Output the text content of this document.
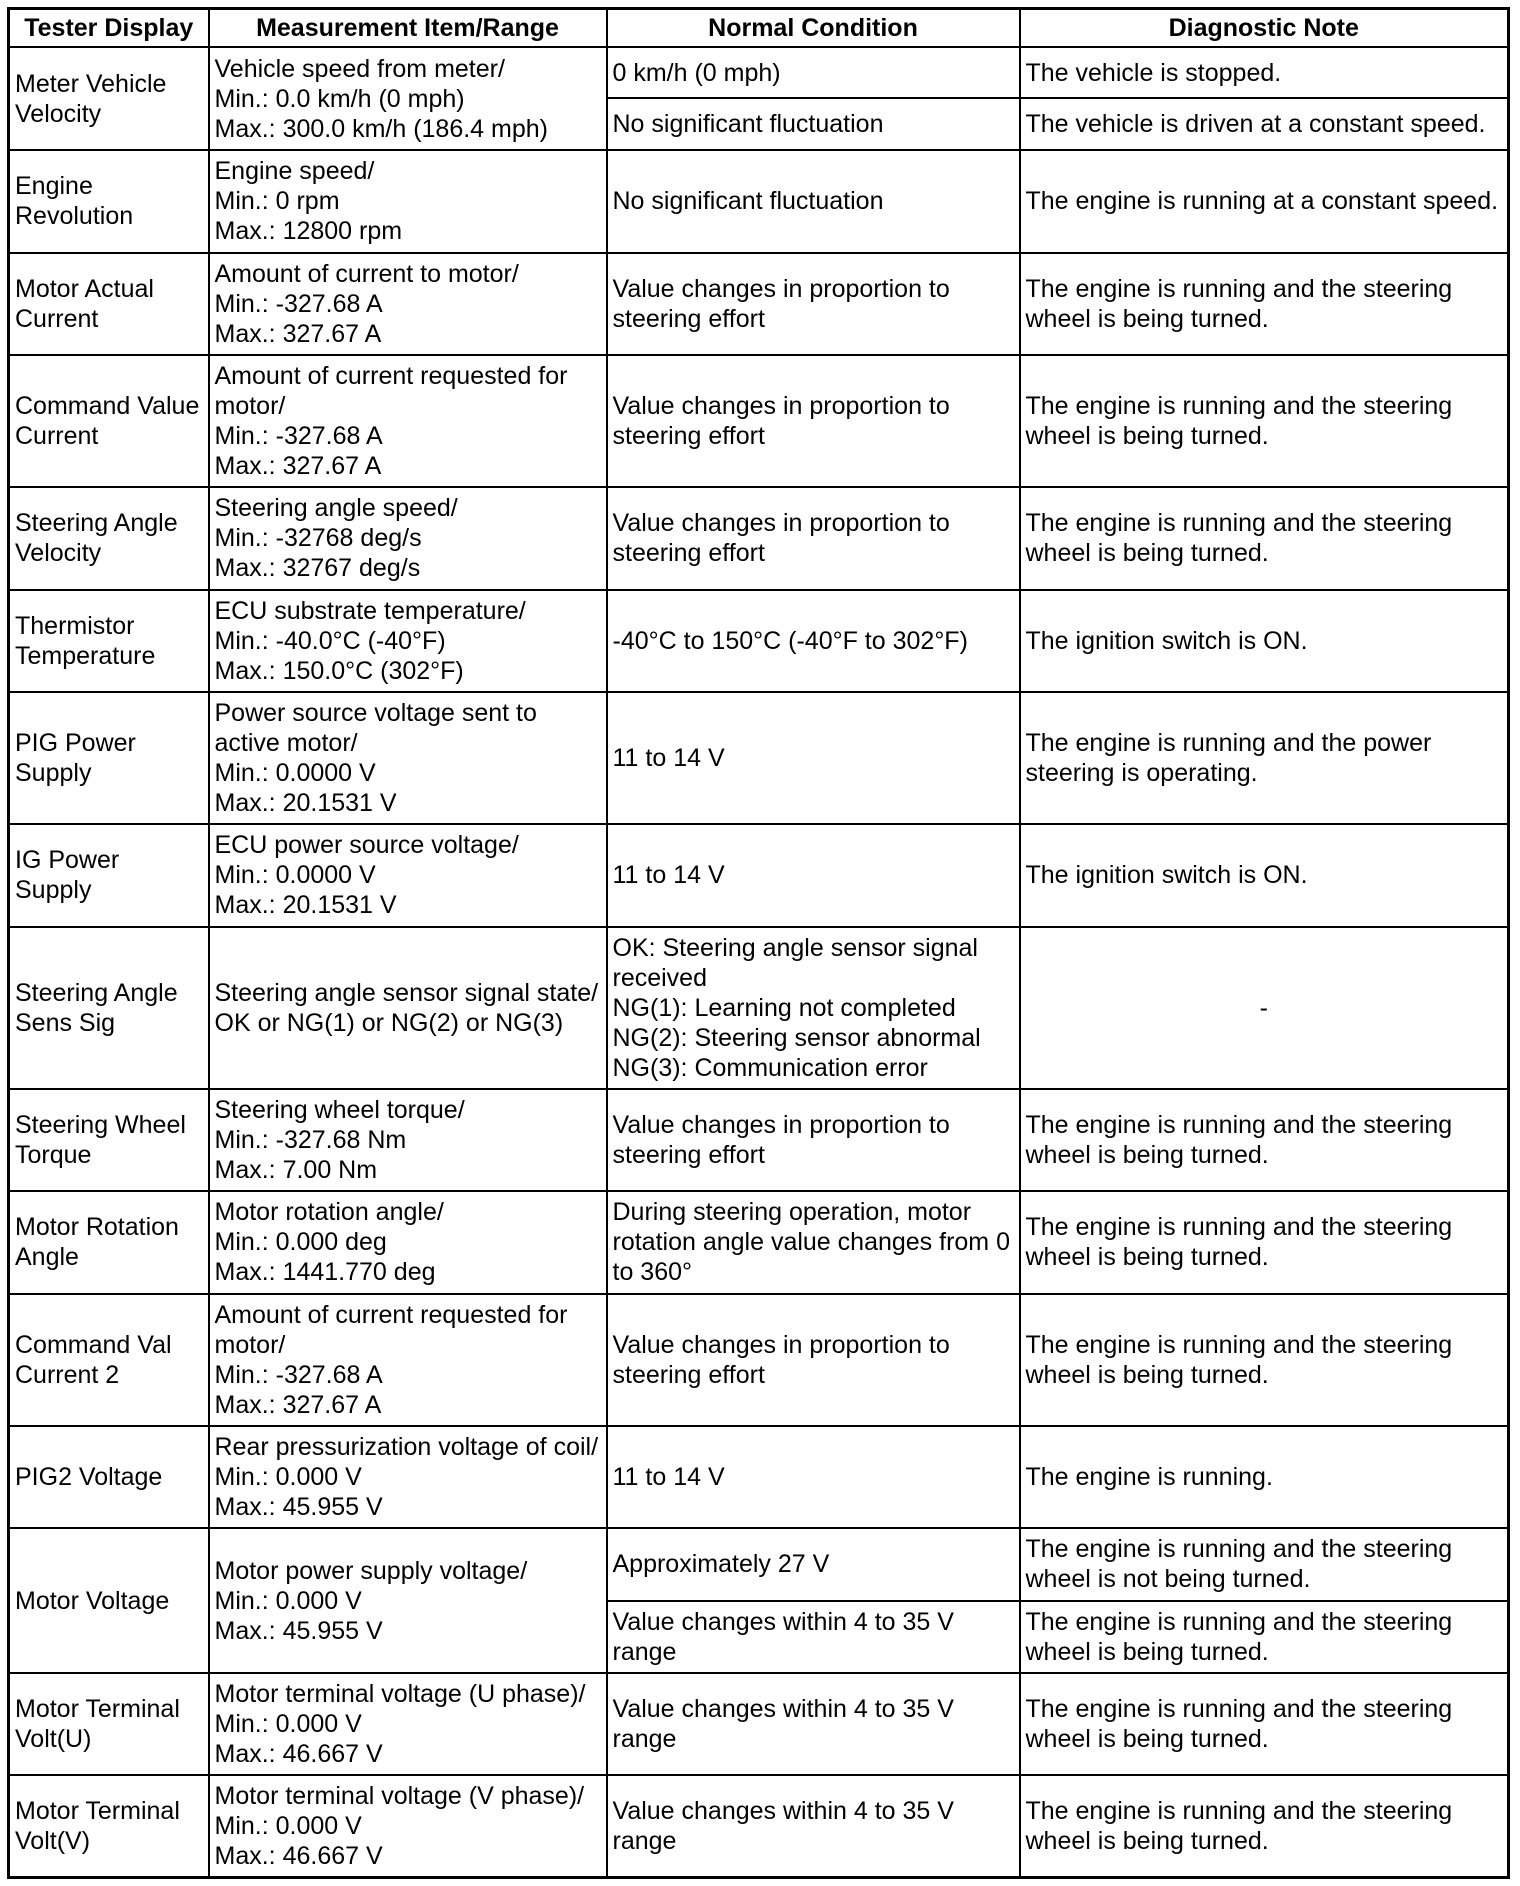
Tester Display	Measurement Item/Range	Normal Condition	Diagnostic Note
Meter Vehicle
Velocity	Vehicle speed from meter/
Min.: 0.0 km/h (0 mph)
Max.: 300.0 km/h (186.4 mph)	0 km/h (0 mph)	The vehicle is stopped.
		No significant fluctuation	The vehicle is driven at a constant speed.
Engine
Revolution	Engine speed/
Min.: 0 rpm
Max.: 12800 rpm	No significant fluctuation	The engine is running at a constant speed.
Motor Actual
Current	Amount of current to motor/
Min.: -327.68 A
Max.: 327.67 A	Value changes in proportion to
steering effort	The engine is running and the steering
wheel is being turned.
Command Value
Current	Amount of current requested for
motor/
Min.: -327.68 A
Max.: 327.67 A	Value changes in proportion to
steering effort	The engine is running and the steering
wheel is being turned.
Steering Angle
Velocity	Steering angle speed/
Min.: -32768 deg/s
Max.: 32767 deg/s	Value changes in proportion to
steering effort	The engine is running and the steering
wheel is being turned.
Thermistor
Temperature	ECU substrate temperature/
Min.: -40.0°C (-40°F)
Max.: 150.0°C (302°F)	-40°C to 150°C (-40°F to 302°F)	The ignition switch is ON.
PIG Power
Supply	Power source voltage sent to
active motor/
Min.: 0.0000 V
Max.: 20.1531 V	11 to 14 V	The engine is running and the power
steering is operating.
IG Power Supply	ECU power source voltage/
Min.: 0.0000 V
Max.: 20.1531 V	11 to 14 V	The ignition switch is ON.
Steering Angle
Sens Sig	Steering angle sensor signal state/
OK or NG(1) or NG(2) or NG(3)	OK: Steering angle sensor signal
received
NG(1): Learning not completed
NG(2): Steering sensor abnormal
NG(3): Communication error	-
Steering Wheel
Torque	Steering wheel torque/
Min.: -327.68 Nm
Max.: 7.00 Nm	Value changes in proportion to
steering effort	The engine is running and the steering
wheel is being turned.
Motor Rotation
Angle	Motor rotation angle/
Min.: 0.000 deg
Max.: 1441.770 deg	During steering operation, motor
rotation angle value changes from 0
to 360°	The engine is running and the steering
wheel is being turned.
Command Val
Current 2	Amount of current requested for
motor/
Min.: -327.68 A
Max.: 327.67 A	Value changes in proportion to
steering effort	The engine is running and the steering
wheel is being turned.
PIG2 Voltage	Rear pressurization voltage of coil/
Min.: 0.000 V
Max.: 45.955 V	11 to 14 V	The engine is running.
Motor Voltage	Motor power supply voltage/
Min.: 0.000 V
Max.: 45.955 V	Approximately 27 V	The engine is running and the steering
wheel is not being turned.
		Value changes within 4 to 35 V
range	The engine is running and the steering
wheel is being turned.
Motor Terminal
Volt(U)	Motor terminal voltage (U phase)/
Min.: 0.000 V
Max.: 46.667 V	Value changes within 4 to 35 V
range	The engine is running and the steering
wheel is being turned.
Motor Terminal
Volt(V)	Motor terminal voltage (V phase)/
Min.: 0.000 V
Max.: 46.667 V	Value changes within 4 to 35 V
range	The engine is running and the steering
wheel is being turned.
